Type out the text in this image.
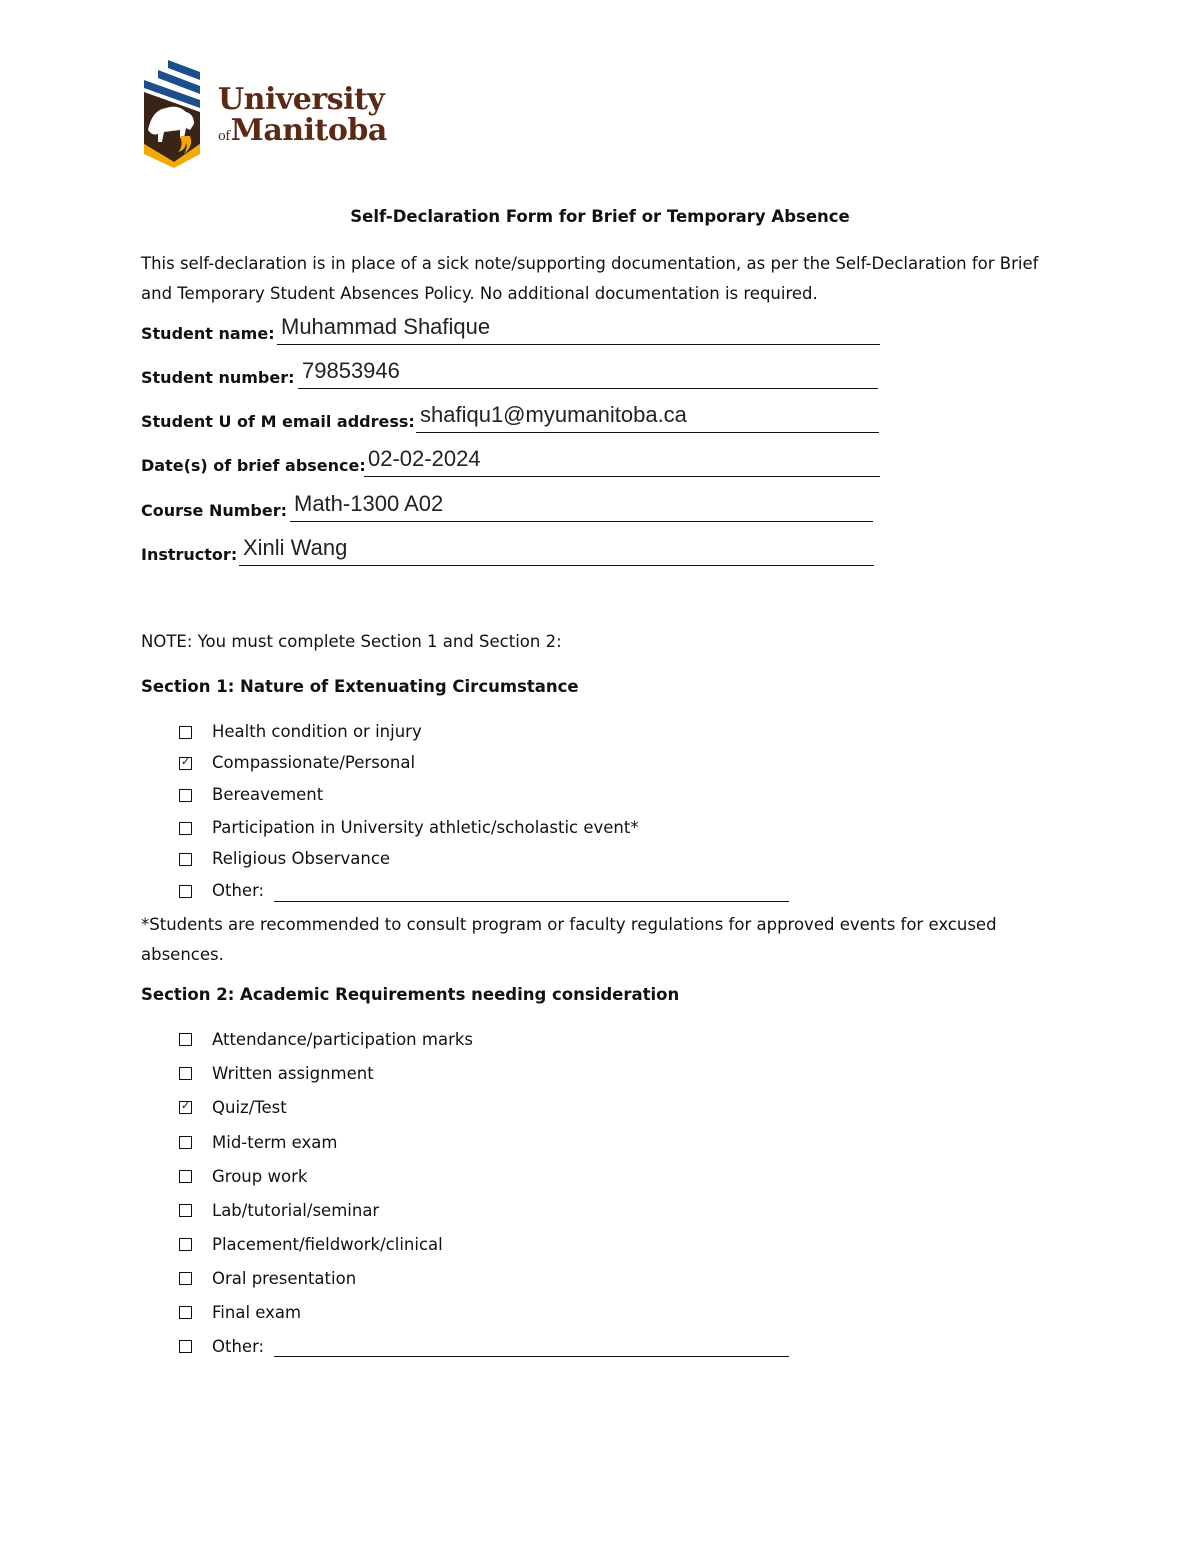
University
ofManitoba
Self-Declaration Form for Brief or Temporary Absence

This self-declaration is in place of a sick note/supporting documentation, as per the Self-Declaration for Brief and Temporary Student Absences Policy. No additional documentation is required.

Student name: Muhammad Shafique
Student number: 79853946
Student U of M email address: shafiqu1@myumanitoba.ca
Date(s) of brief absence: 02-02-2024
Course Number: Math-1300 A02
Instructor: Xinli Wang
NOTE: You must complete Section 1 and Section 2:
Section 1: Nature of Extenuating Circumstance
Health condition or injury
✓ Compassionate/Personal
Bereavement
Participation in University athletic/scholastic event*
Religious Observance
Other:

*Students are recommended to consult program or faculty regulations for approved events for excused absences.

Section 2: Academic Requirements needing consideration
Attendance/participation marks
Written assignment
✓ Quiz/Test
Mid-term exam
Group work
Lab/tutorial/seminar
Placement/fieldwork/clinical
Oral presentation
Final exam
Other:
